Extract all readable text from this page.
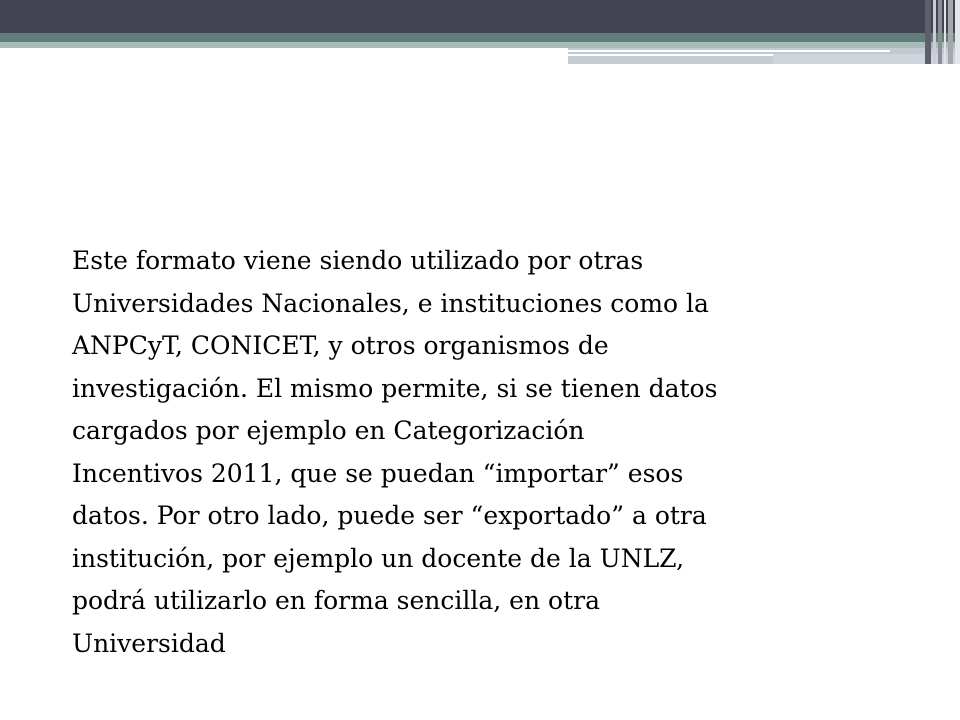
Este formato viene siendo utilizado por otras
Universidades Nacionales, e instituciones como la
ANPCyT, CONICET, y otros organismos de
investigación. El mismo permite, si se tienen datos
cargados por ejemplo en Categorización
Incentivos 2011, que se puedan “importar” esos
datos. Por otro lado, puede ser “exportado” a otra
institución, por ejemplo un docente de la UNLZ,
podrá utilizarlo en forma sencilla, en otra
Universidad
